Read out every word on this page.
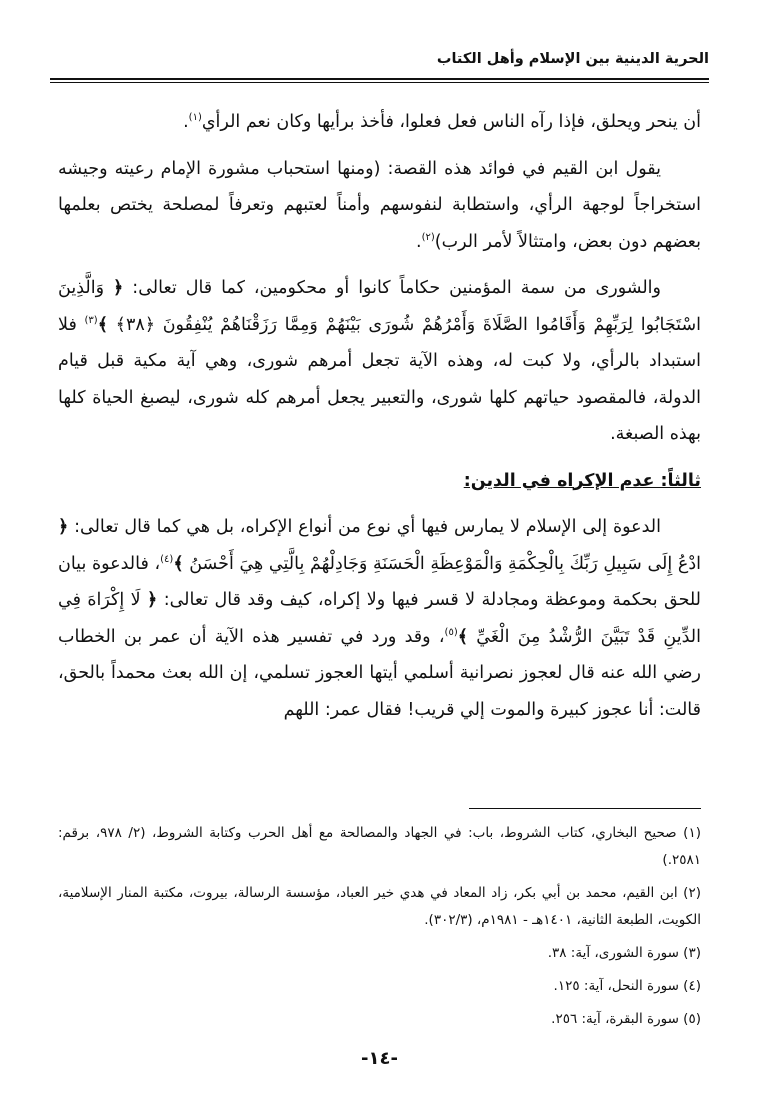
الحرية الدينية بين الإسلام وأهل الكتاب

أن ينحر ويحلق، فإذا رآه الناس فعل فعلوا، فأخذ برأيها وكان نعم الرأي$^{(١)}$.

يقول ابن القيم في فوائد هذه القصة: (ومنها استحباب مشورة الإمام رعيته وجيشه استخراجاً لوجهة الرأي، واستطابة لنفوسهم وأمناً لعتبهم وتعرفاً لمصلحة يختص بعلمها بعضهم دون بعض، وامتثالاً لأمر الرب)$^{(٢)}$.

والشورى من سمة المؤمنين حكاماً كانوا أو محكومين، كما قال تعالى: ﴿ وَالَّذِينَ اسْتَجَابُوا لِرَبِّهِمْ وَأَقَامُوا الصَّلَاةَ وَأَمْرُهُمْ شُورَى بَيْنَهُمْ وَمِمَّا رَزَقْنَاهُمْ يُنْفِقُونَ ﴿٣٨﴾ ﴾$^{(٣)}$ فلا استبداد بالرأي، ولا كبت له، وهذه الآية تجعل أمرهم شورى، وهي آية مكية قبل قيام الدولة، فالمقصود حياتهم كلها شورى، والتعبير يجعل أمرهم كله شورى، ليصبغ الحياة كلها بهذه الصبغة.

ثالثاً: عدم الإكراه في الدين:

الدعوة إلى الإسلام لا يمارس فيها أي نوع من أنواع الإكراه، بل هي كما قال تعالى: ﴿ ادْعُ إِلَى سَبِيلِ رَبِّكَ بِالْحِكْمَةِ وَالْمَوْعِظَةِ الْحَسَنَةِ وَجَادِلْهُمْ بِالَّتِي هِيَ أَحْسَنُ ﴾$^{(٤)}$، فالدعوة بيان للحق بحكمة وموعظة ومجادلة لا قسر فيها ولا إكراه، كيف وقد قال تعالى: ﴿ لَا إِكْرَاهَ فِي الدِّينِ قَدْ تَبَيَّنَ الرُّشْدُ مِنَ الْغَيِّ ﴾$^{(٥)}$، وقد ورد في تفسير هذه الآية أن عمر بن الخطاب رضي الله عنه قال لعجوز نصرانية أسلمي أيتها العجوز تسلمي، إن الله بعث محمداً بالحق، قالت: أنا عجوز كبيرة والموت إلي قريب! فقال عمر: اللهم

(١) صحيح البخاري، كتاب الشروط، باب: في الجهاد والمصالحة مع أهل الحرب وكتابة الشروط، (٢/ ٩٧٨، برقم: ٢٥٨١.)
(٢) ابن القيم، محمد بن أبي بكر، زاد المعاد في هدي خير العباد، مؤسسة الرسالة، بيروت، مكتبة المنار الإسلامية، الكويت، الطبعة الثانية، ١٤٠١هـ - ١٩٨١م، (٣٠٢/٣).
(٣) سورة الشورى، آية: ٣٨.
(٤) سورة النحل، آية: ١٢٥.
(٥) سورة البقرة، آية: ٢٥٦.
-١٤-
